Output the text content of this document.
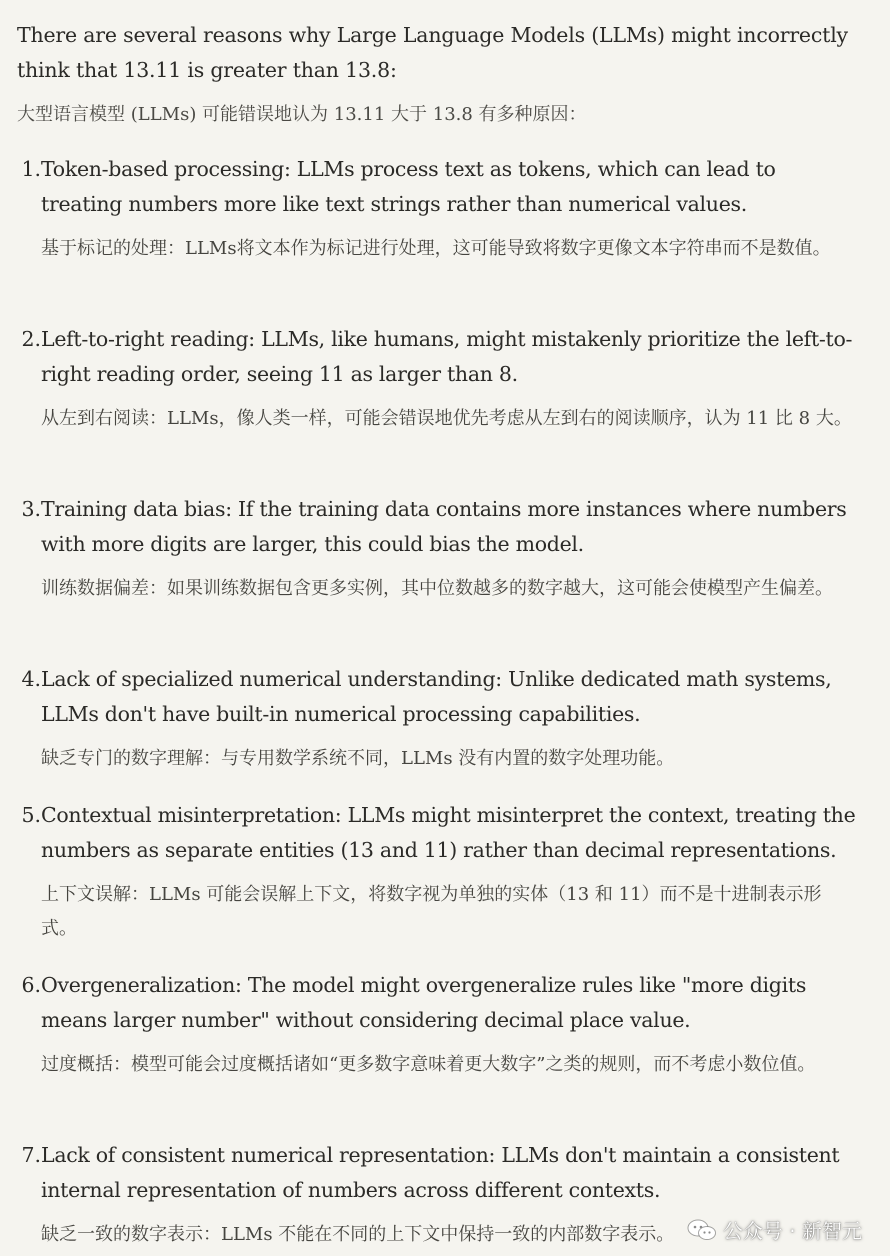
There are several reasons why Large Language Models (LLMs) might incorrectly think that 13.11 is greater than 13.8:

大型语言模型 (LLMs) 可能错误地认为 13.11 大于 13.8 有多种原因：

1. Token-based processing: LLMs process text as tokens, which can lead to treating numbers more like text strings rather than numerical values.
基于标记的处理：LLMs将文本作为标记进行处理，这可能导致将数字更像文本字符串而不是数值。
2. Left-to-right reading: LLMs, like humans, might mistakenly prioritize the left-to-right reading order, seeing 11 as larger than 8.
从左到右阅读：LLMs，像人类一样，可能会错误地优先考虑从左到右的阅读顺序，认为 11 比 8 大。
3. Training data bias: If the training data contains more instances where numbers with more digits are larger, this could bias the model.
训练数据偏差：如果训练数据包含更多实例，其中位数越多的数字越大，这可能会使模型产生偏差。
4. Lack of specialized numerical understanding: Unlike dedicated math systems, LLMs don't have built-in numerical processing capabilities.
缺乏专门的数字理解：与专用数学系统不同，LLMs 没有内置的数字处理功能。
5. Contextual misinterpretation: LLMs might misinterpret the context, treating the numbers as separate entities (13 and 11) rather than decimal representations.
上下文误解：LLMs 可能会误解上下文，将数字视为单独的实体（13 和 11）而不是十进制表示形式。
6. Overgeneralization: The model might overgeneralize rules like "more digits means larger number" without considering decimal place value.
过度概括：模型可能会过度概括诸如“更多数字意味着更大数字”之类的规则，而不考虑小数位值。
7. Lack of consistent numerical representation: LLMs don't maintain a consistent internal representation of numbers across different contexts.
缺乏一致的数字表示：LLMs 不能在不同的上下文中保持一致的内部数字表示。	公众号 · 新智元
